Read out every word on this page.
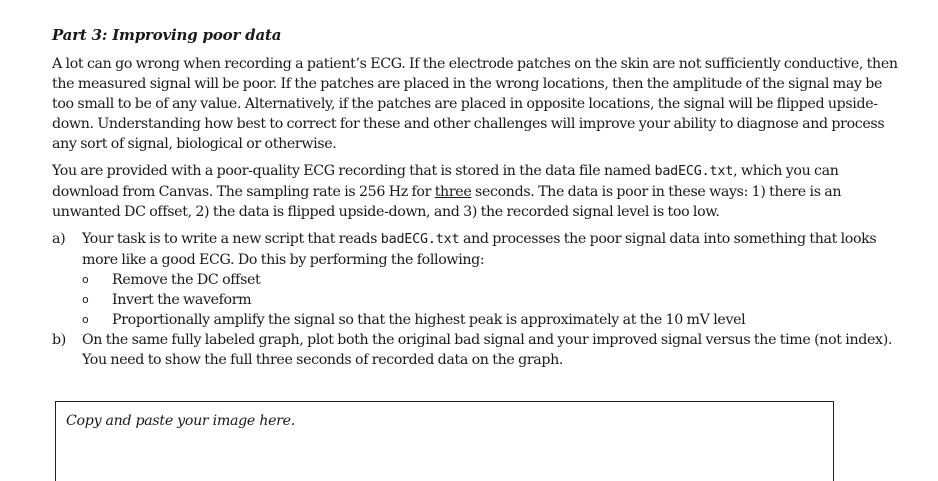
Part 3: Improving poor data

A lot can go wrong when recording a patient’s ECG. If the electrode patches on the skin are not sufficiently conductive, then the measured signal will be poor. If the patches are placed in the wrong locations, then the amplitude of the signal may be too small to be of any value. Alternatively, if the patches are placed in opposite locations, the signal will be flipped upside-down. Understanding how best to correct for these and other challenges will improve your ability to diagnose and process any sort of signal, biological or otherwise.

You are provided with a poor-quality ECG recording that is stored in the data file named badECG.txt, which you can download from Canvas. The sampling rate is 256 Hz for three seconds. The data is poor in these ways: 1) there is an unwanted DC offset, 2) the data is flipped upside-down, and 3) the recorded signal level is too low.

a) Your task is to write a new script that reads badECG.txt and processes the poor signal data into something that looks more like a good ECG. Do this by performing the following:
o Remove the DC offset
o Invert the waveform
o Proportionally amplify the signal so that the highest peak is approximately at the 10 mV level
b) On the same fully labeled graph, plot both the original bad signal and your improved signal versus the time (not index). You need to show the full three seconds of recorded data on the graph.
Copy and paste your image here.
